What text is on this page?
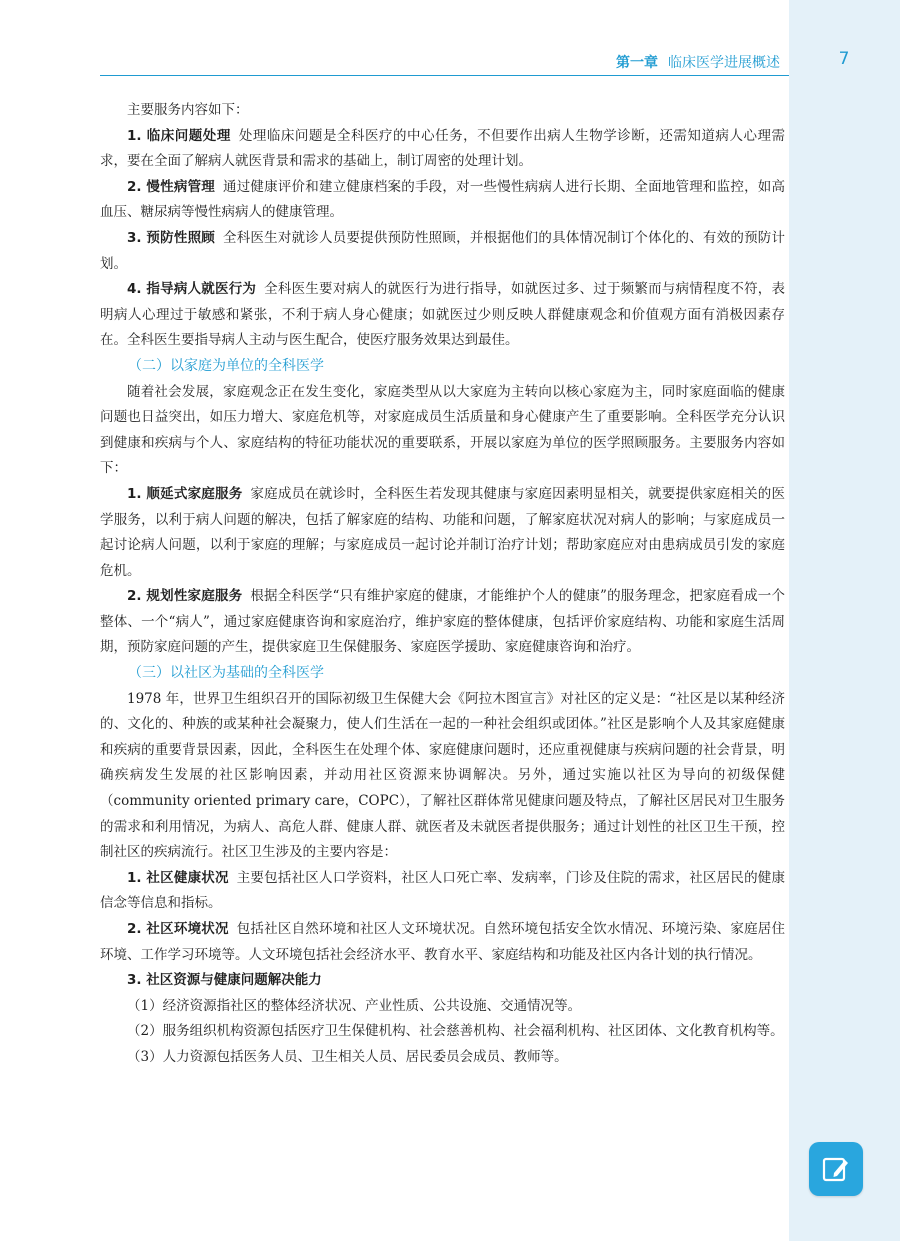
第一章 临床医学进展概述	7

主要服务内容如下：

1. 临床问题处理 处理临床问题是全科医疗的中心任务，不但要作出病人生物学诊断，还需知道病人心理需求，要在全面了解病人就医背景和需求的基础上，制订周密的处理计划。

2. 慢性病管理 通过健康评价和建立健康档案的手段，对一些慢性病病人进行长期、全面地管理和监控，如高血压、糖尿病等慢性病病人的健康管理。

3. 预防性照顾 全科医生对就诊人员要提供预防性照顾，并根据他们的具体情况制订个体化的、有效的预防计划。

4. 指导病人就医行为 全科医生要对病人的就医行为进行指导，如就医过多、过于频繁而与病情程度不符，表明病人心理过于敏感和紧张，不利于病人身心健康；如就医过少则反映人群健康观念和价值观方面有消极因素存在。全科医生要指导病人主动与医生配合，使医疗服务效果达到最佳。

（二）以家庭为单位的全科医学

随着社会发展，家庭观念正在发生变化，家庭类型从以大家庭为主转向以核心家庭为主，同时家庭面临的健康问题也日益突出，如压力增大、家庭危机等，对家庭成员生活质量和身心健康产生了重要影响。全科医学充分认识到健康和疾病与个人、家庭结构的特征功能状况的重要联系，开展以家庭为单位的医学照顾服务。主要服务内容如下：

1. 顺延式家庭服务 家庭成员在就诊时，全科医生若发现其健康与家庭因素明显相关，就要提供家庭相关的医学服务，以利于病人问题的解决，包括了解家庭的结构、功能和问题，了解家庭状况对病人的影响；与家庭成员一起讨论病人问题，以利于家庭的理解；与家庭成员一起讨论并制订治疗计划；帮助家庭应对由患病成员引发的家庭危机。

2. 规划性家庭服务 根据全科医学“只有维护家庭的健康，才能维护个人的健康”的服务理念，把家庭看成一个整体、一个“病人”，通过家庭健康咨询和家庭治疗，维护家庭的整体健康，包括评价家庭结构、功能和家庭生活周期，预防家庭问题的产生，提供家庭卫生保健服务、家庭医学援助、家庭健康咨询和治疗。

（三）以社区为基础的全科医学

1978 年，世界卫生组织召开的国际初级卫生保健大会《阿拉木图宣言》对社区的定义是：“社区是以某种经济的、文化的、种族的或某种社会凝聚力，使人们生活在一起的一种社会组织或团体。”社区是影响个人及其家庭健康和疾病的重要背景因素，因此，全科医生在处理个体、家庭健康问题时，还应重视健康与疾病问题的社会背景，明确疾病发生发展的社区影响因素，并动用社区资源来协调解决。另外，通过实施以社区为导向的初级保健（community oriented primary care，COPC），了解社区群体常见健康问题及特点，了解社区居民对卫生服务的需求和利用情况，为病人、高危人群、健康人群、就医者及未就医者提供服务；通过计划性的社区卫生干预，控制社区的疾病流行。社区卫生涉及的主要内容是：

1. 社区健康状况 主要包括社区人口学资料，社区人口死亡率、发病率，门诊及住院的需求，社区居民的健康信念等信息和指标。

2. 社区环境状况 包括社区自然环境和社区人文环境状况。自然环境包括安全饮水情况、环境污染、家庭居住环境、工作学习环境等。人文环境包括社会经济水平、教育水平、家庭结构和功能及社区内各计划的执行情况。

3. 社区资源与健康问题解决能力

（1）经济资源指社区的整体经济状况、产业性质、公共设施、交通情况等。

（2）服务组织机构资源包括医疗卫生保健机构、社会慈善机构、社会福利机构、社区团体、文化教育机构等。

（3）人力资源包括医务人员、卫生相关人员、居民委员会成员、教师等。
